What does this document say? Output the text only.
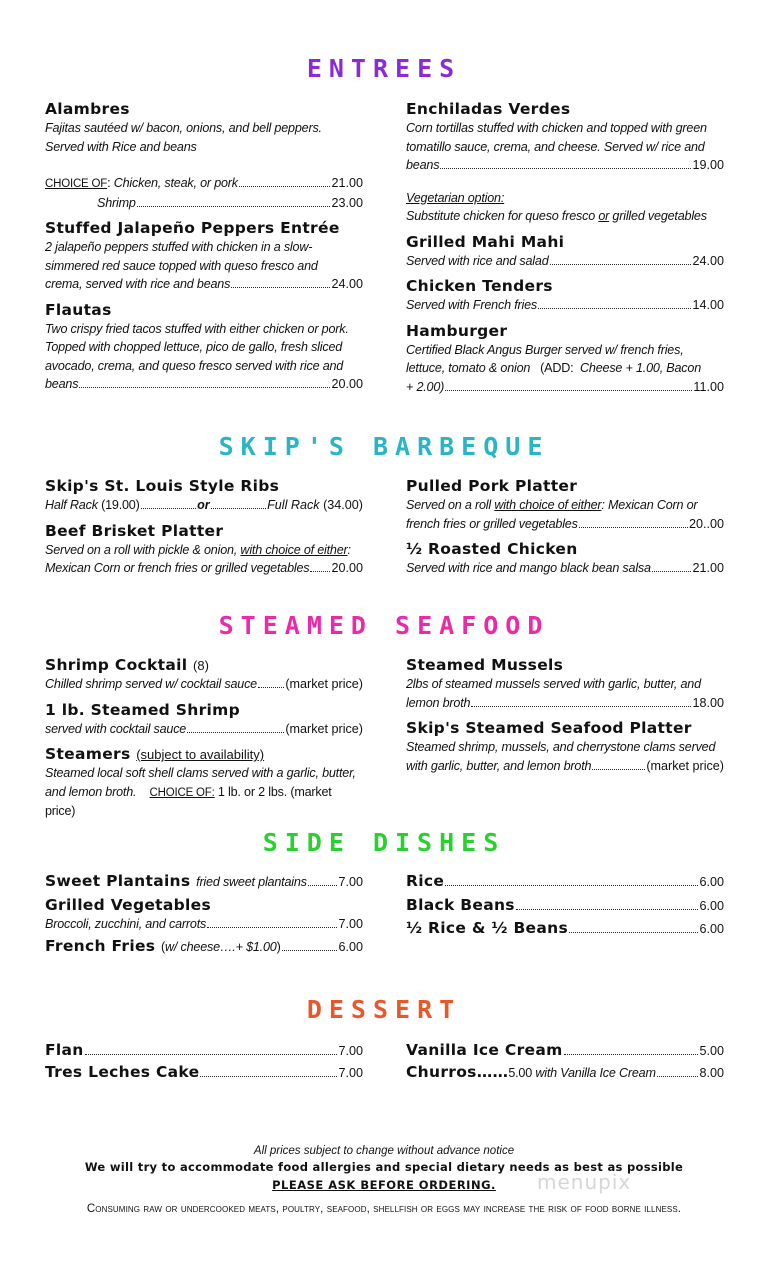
ENTREES
SKIP'S BARBEQUE
STEAMED SEAFOOD
SIDE DISHES
DESSERT
Alambres
Fajitas sautéed w/ bacon, onions, and bell peppers. Served with Rice and beans
CHOICE OF: Chicken, steak, or pork	21.00
Shrimp	23.00
Stuffed Jalapeño Peppers Entrée
2 jalapeño peppers stuffed with chicken in a slow-simmered red sauce topped with queso fresco and
crema, served with rice and beans	24.00
Flautas
Two crispy fried tacos stuffed with either chicken or pork. Topped with chopped lettuce, pico de gallo, fresh sliced avocado, crema, and queso fresco served with rice and
beans	20.00
Enchiladas Verdes
Corn tortillas stuffed with chicken and topped with green tomatillo sauce, crema, and cheese. Served w/ rice and
beans	19.00
Vegetarian option:
Substitute chicken for queso fresco or grilled vegetables
Grilled Mahi Mahi
Served with rice and salad	24.00
Chicken Tenders
Served with French fries	14.00
Hamburger
Certified Black Angus Burger served w/ french fries, lettuce, tomato & onion (ADD: Cheese + 1.00, Bacon
+ 2.00)	11.00
Skip's St. Louis Style Ribs
Half Rack (19.00)	or	Full Rack (34.00)
Beef Brisket Platter
Served on a roll with pickle & onion, with choice of either:
Mexican Corn or french fries or grilled vegetables 20.00
Pulled Pork Platter
Served on a roll with choice of either: Mexican Corn or
french fries or grilled vegetables	20..00
½ Roasted Chicken
Served with rice and mango black bean salsa	21.00
Shrimp Cocktail (8)
Chilled shrimp served w/ cocktail sauce (market price)
1 lb. Steamed Shrimp
served with cocktail sauce	(market price)
Steamers (subject to availability)
Steamed local soft shell clams served with a garlic, butter,
and lemon broth. CHOICE OF: 1 lb. or 2 lbs. (market price)
Steamed Mussels
2lbs of steamed mussels served with garlic, butter, and
lemon broth	18.00
Skip's Steamed Seafood Platter
Steamed shrimp, mussels, and cherrystone clams served
with garlic, butter, and lemon broth	(market price)
Sweet Plantains fried sweet plantains	7.00
Grilled Vegetables
Broccoli, zucchini, and carrots	7.00
French Fries (w/ cheese….+ $1.00)	6.00
Rice	6.00
Black Beans	6.00
½ Rice & ½ Beans	6.00
Flan	7.00
Tres Leches Cake	7.00
Vanilla Ice Cream	5.00
Churros……5.00 with Vanilla Ice Cream	8.00
All prices subject to change without advance notice
We will try to accommodate food allergies and special dietary needs as best as possible
PLEASE ASK BEFORE ORDERING.
Consuming raw or undercooked meats, poultry, seafood, shellfish or eggs may increase the risk of food borne illness.
menupix
